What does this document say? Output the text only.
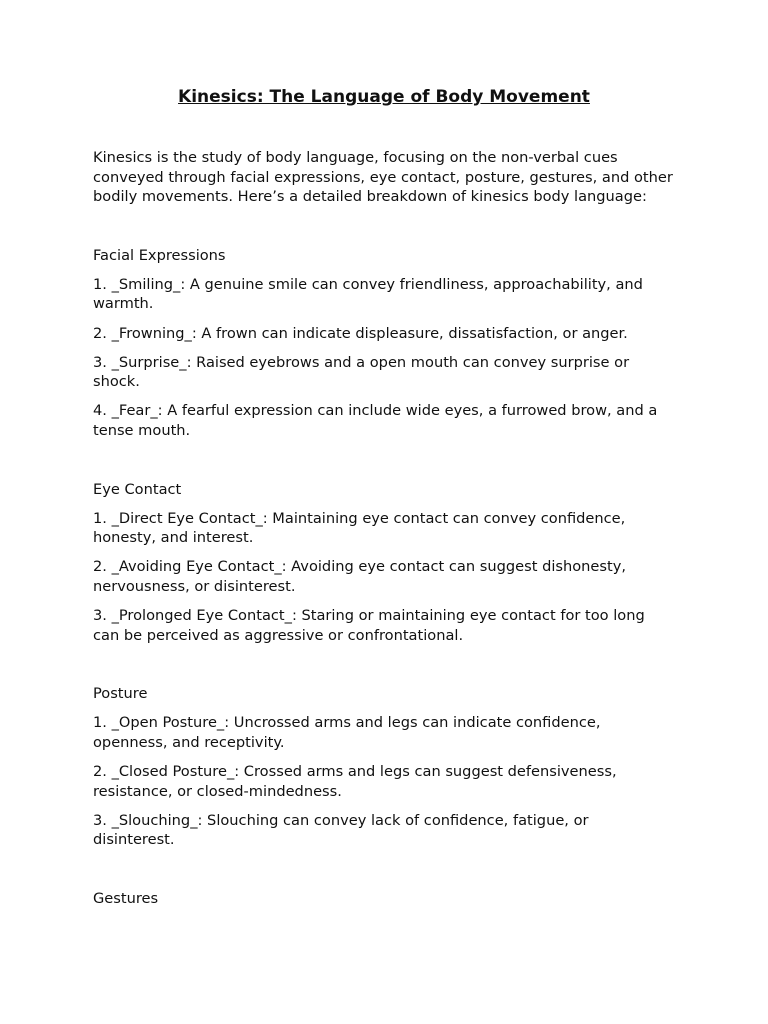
Kinesics: The Language of Body Movement

Kinesics is the study of body language, focusing on the non-verbal cues conveyed through facial expressions, eye contact, posture, gestures, and other bodily movements. Here’s a detailed breakdown of kinesics body language:

Facial Expressions

1. _Smiling_: A genuine smile can convey friendliness, approachability, and warmth.

2. _Frowning_: A frown can indicate displeasure, dissatisfaction, or anger.

3. _Surprise_: Raised eyebrows and a open mouth can convey surprise or shock.

4. _Fear_: A fearful expression can include wide eyes, a furrowed brow, and a tense mouth.

Eye Contact

1. _Direct Eye Contact_: Maintaining eye contact can convey confidence, honesty, and interest.

2. _Avoiding Eye Contact_: Avoiding eye contact can suggest dishonesty, nervousness, or disinterest.

3. _Prolonged Eye Contact_: Staring or maintaining eye contact for too long can be perceived as aggressive or confrontational.

Posture

1. _Open Posture_: Uncrossed arms and legs can indicate confidence, openness, and receptivity.

2. _Closed Posture_: Crossed arms and legs can suggest defensiveness, resistance, or closed-mindedness.

3. _Slouching_: Slouching can convey lack of confidence, fatigue, or disinterest.

Gestures
